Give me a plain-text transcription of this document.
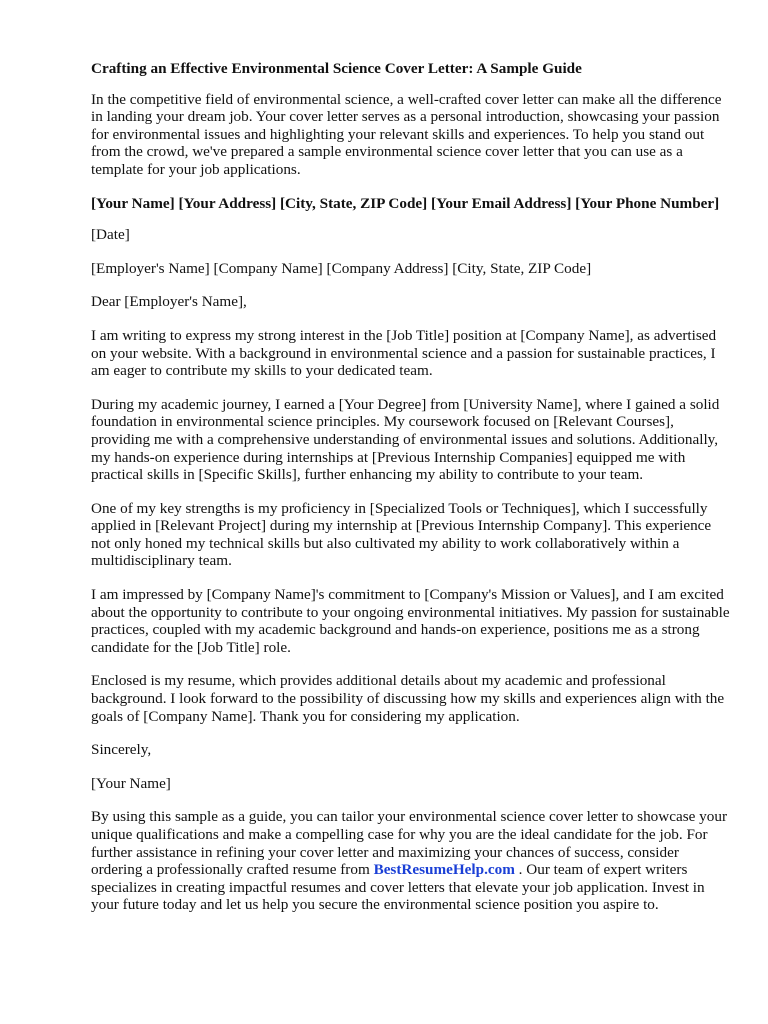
Crafting an Effective Environmental Science Cover Letter: A Sample Guide

In the competitive field of environmental science, a well-crafted cover letter can make all the difference in landing your dream job. Your cover letter serves as a personal introduction, showcasing your passion for environmental issues and highlighting your relevant skills and experiences. To help you stand out from the crowd, we've prepared a sample environmental science cover letter that you can use as a template for your job applications.

[Your Name] [Your Address] [City, State, ZIP Code] [Your Email Address] [Your Phone Number]

[Date]

[Employer's Name] [Company Name] [Company Address] [City, State, ZIP Code]

Dear [Employer's Name],

I am writing to express my strong interest in the [Job Title] position at [Company Name], as advertised on your website. With a background in environmental science and a passion for sustainable practices, I am eager to contribute my skills to your dedicated team.

During my academic journey, I earned a [Your Degree] from [University Name], where I gained a solid foundation in environmental science principles. My coursework focused on [Relevant Courses], providing me with a comprehensive understanding of environmental issues and solutions. Additionally, my hands-on experience during internships at [Previous Internship Companies] equipped me with practical skills in [Specific Skills], further enhancing my ability to contribute to your team.

One of my key strengths is my proficiency in [Specialized Tools or Techniques], which I successfully applied in [Relevant Project] during my internship at [Previous Internship Company]. This experience not only honed my technical skills but also cultivated my ability to work collaboratively within a multidisciplinary team.

I am impressed by [Company Name]'s commitment to [Company's Mission or Values], and I am excited about the opportunity to contribute to your ongoing environmental initiatives. My passion for sustainable practices, coupled with my academic background and hands-on experience, positions me as a strong candidate for the [Job Title] role.

Enclosed is my resume, which provides additional details about my academic and professional background. I look forward to the possibility of discussing how my skills and experiences align with the goals of [Company Name]. Thank you for considering my application.

Sincerely,

[Your Name]

By using this sample as a guide, you can tailor your environmental science cover letter to showcase your unique qualifications and make a compelling case for why you are the ideal candidate for the job. For further assistance in refining your cover letter and maximizing your chances of success, consider ordering a professionally crafted resume from BestResumeHelp.com . Our team of expert writers specializes in creating impactful resumes and cover letters that elevate your job application. Invest in your future today and let us help you secure the environmental science position you aspire to.
